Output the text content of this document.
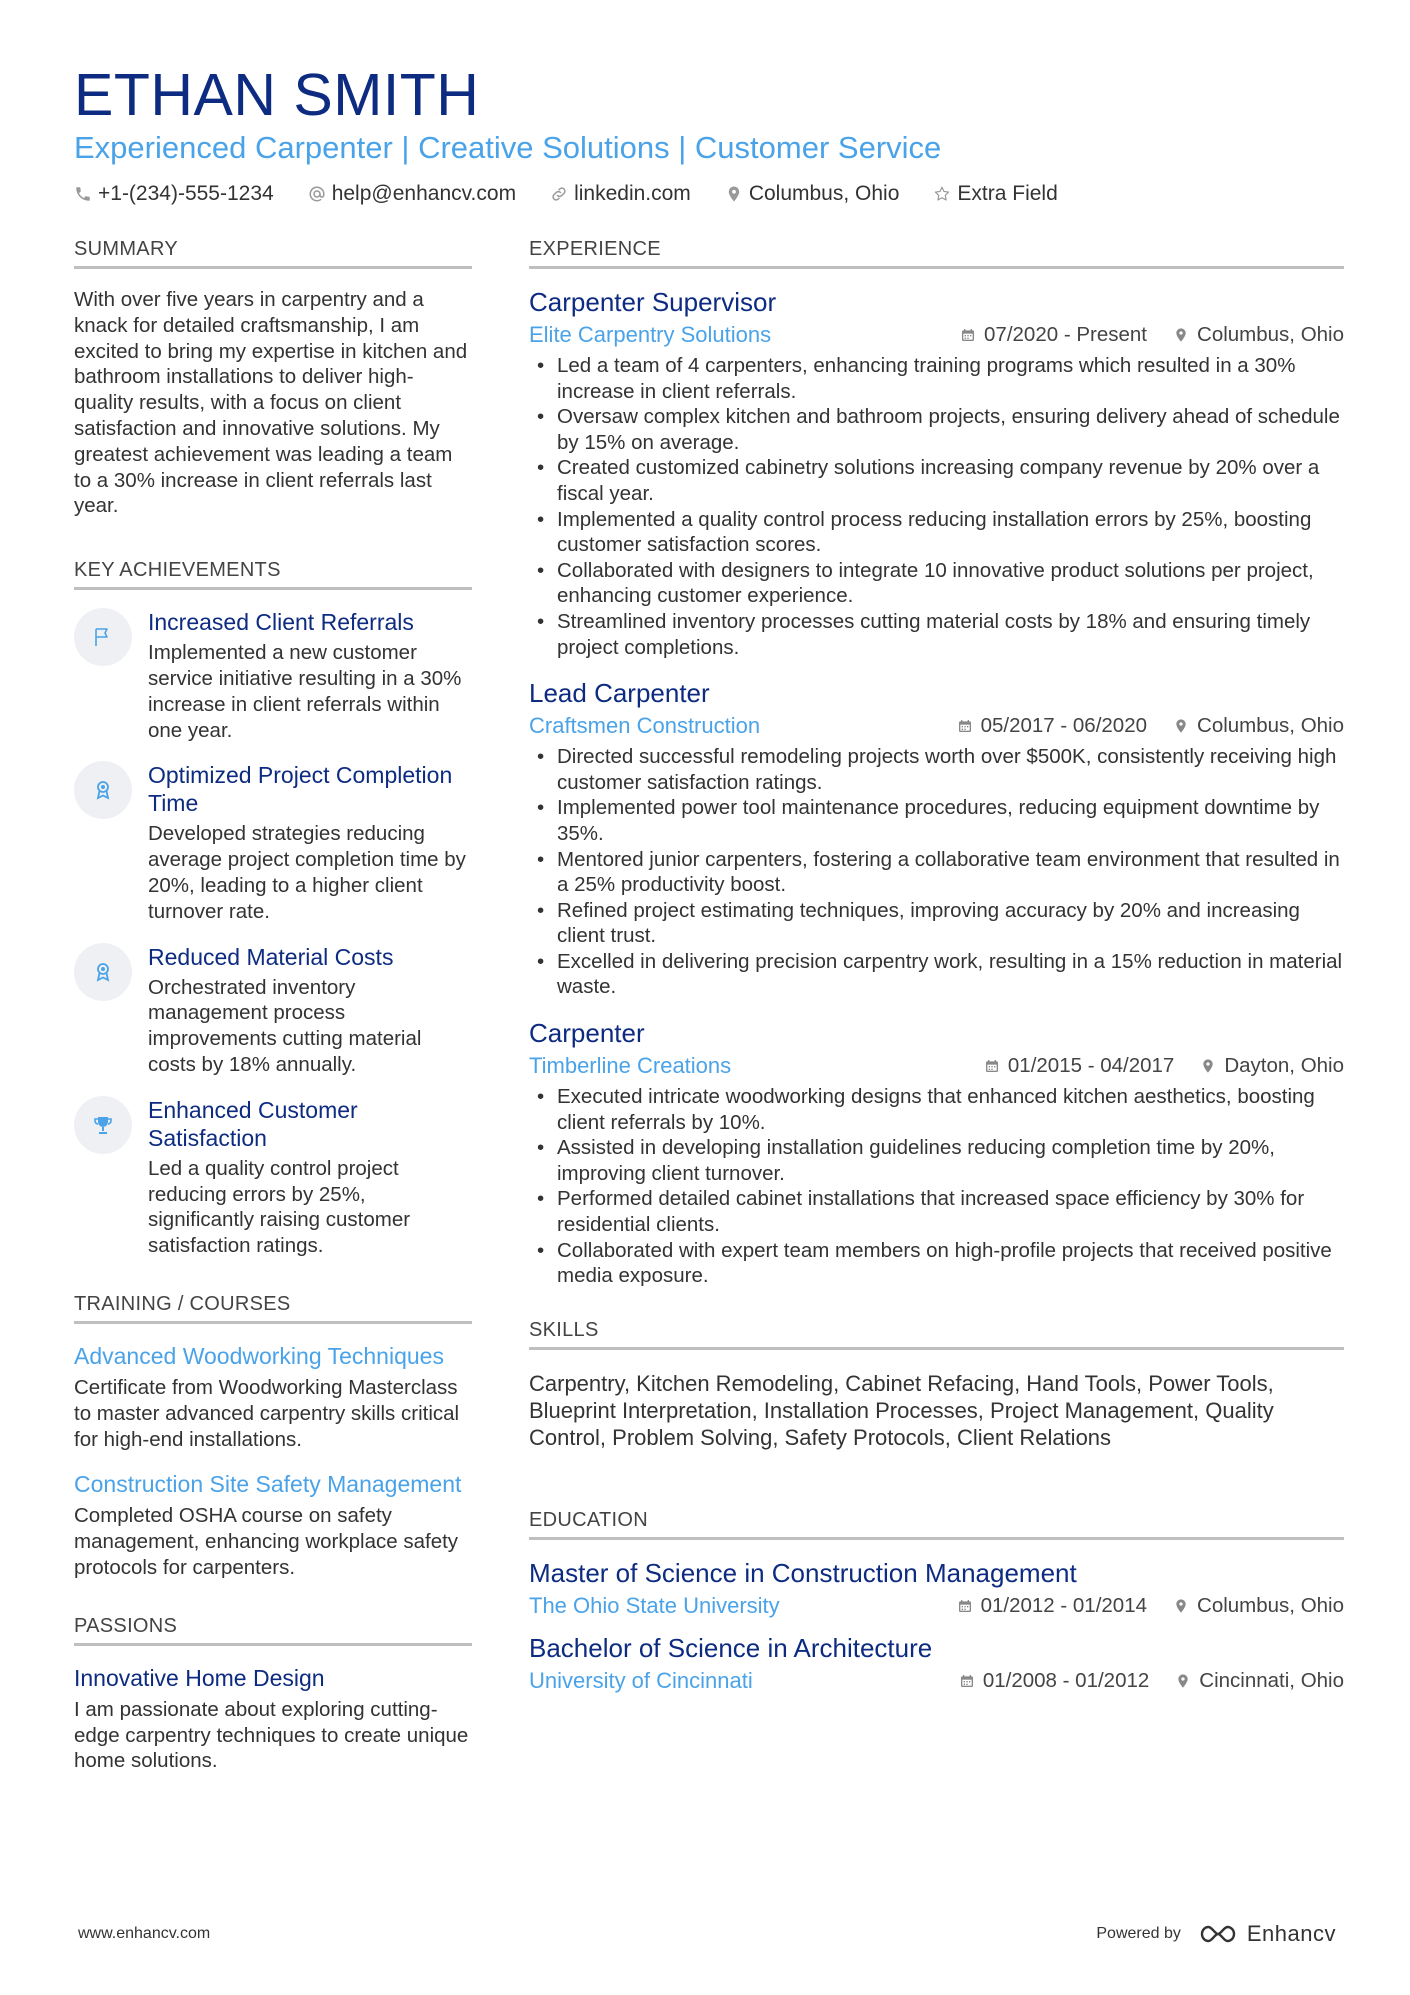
ETHAN SMITH
Experienced Carpenter | Creative Solutions | Customer Service
+1-(234)-555-1234	help@enhancv.com	linkedin.com	Columbus, Ohio	Extra Field
SUMMARY

With over five years in carpentry and a knack for detailed craftsmanship, I am excited to bring my expertise in kitchen and bathroom installations to deliver high-quality results, with a focus on client satisfaction and innovative solutions. My greatest achievement was leading a team to a 30% increase in client referrals last year.

KEY ACHIEVEMENTS
Increased Client Referrals
Implemented a new customer service initiative resulting in a 30% increase in client referrals within one year.
Optimized Project Completion Time
Developed strategies reducing average project completion time by 20%, leading to a higher client turnover rate.
Reduced Material Costs
Orchestrated inventory management process improvements cutting material costs by 18% annually.
Enhanced Customer Satisfaction
Led a quality control project reducing errors by 25%, significantly raising customer satisfaction ratings.
TRAINING / COURSES
Advanced Woodworking Techniques
Certificate from Woodworking Masterclass to master advanced carpentry skills critical for high-end installations.
Construction Site Safety Management
Completed OSHA course on safety management, enhancing workplace safety protocols for carpenters.
PASSIONS
Innovative Home Design
I am passionate about exploring cutting-edge carpentry techniques to create unique home solutions.
EXPERIENCE
Carpenter Supervisor
Elite Carpentry Solutions	07/2020 - Present Columbus, Ohio
• Led a team of 4 carpenters, enhancing training programs which resulted in a 30% increase in client referrals.
• Oversaw complex kitchen and bathroom projects, ensuring delivery ahead of schedule by 15% on average.
• Created customized cabinetry solutions increasing company revenue by 20% over a fiscal year.
• Implemented a quality control process reducing installation errors by 25%, boosting customer satisfaction scores.
• Collaborated with designers to integrate 10 innovative product solutions per project, enhancing customer experience.
• Streamlined inventory processes cutting material costs by 18% and ensuring timely project completions.
Lead Carpenter
Craftsmen Construction	05/2017 - 06/2020 Columbus, Ohio
• Directed successful remodeling projects worth over $500K, consistently receiving high customer satisfaction ratings.
• Implemented power tool maintenance procedures, reducing equipment downtime by 35%.
• Mentored junior carpenters, fostering a collaborative team environment that resulted in a 25% productivity boost.
• Refined project estimating techniques, improving accuracy by 20% and increasing client trust.
• Excelled in delivering precision carpentry work, resulting in a 15% reduction in material waste.
Carpenter
Timberline Creations	01/2015 - 04/2017 Dayton, Ohio
• Executed intricate woodworking designs that enhanced kitchen aesthetics, boosting client referrals by 10%.
• Assisted in developing installation guidelines reducing completion time by 20%, improving client turnover.
• Performed detailed cabinet installations that increased space efficiency by 30% for residential clients.
• Collaborated with expert team members on high-profile projects that received positive media exposure.
SKILLS

Carpentry, Kitchen Remodeling, Cabinet Refacing, Hand Tools, Power Tools, Blueprint Interpretation, Installation Processes, Project Management, Quality Control, Problem Solving, Safety Protocols, Client Relations

EDUCATION
Master of Science in Construction Management
The Ohio State University	01/2012 - 01/2014 Columbus, Ohio
Bachelor of Science in Architecture
University of Cincinnati	01/2008 - 01/2012 Cincinnati, Ohio
www.enhancv.com	Powered by	Enhancv
